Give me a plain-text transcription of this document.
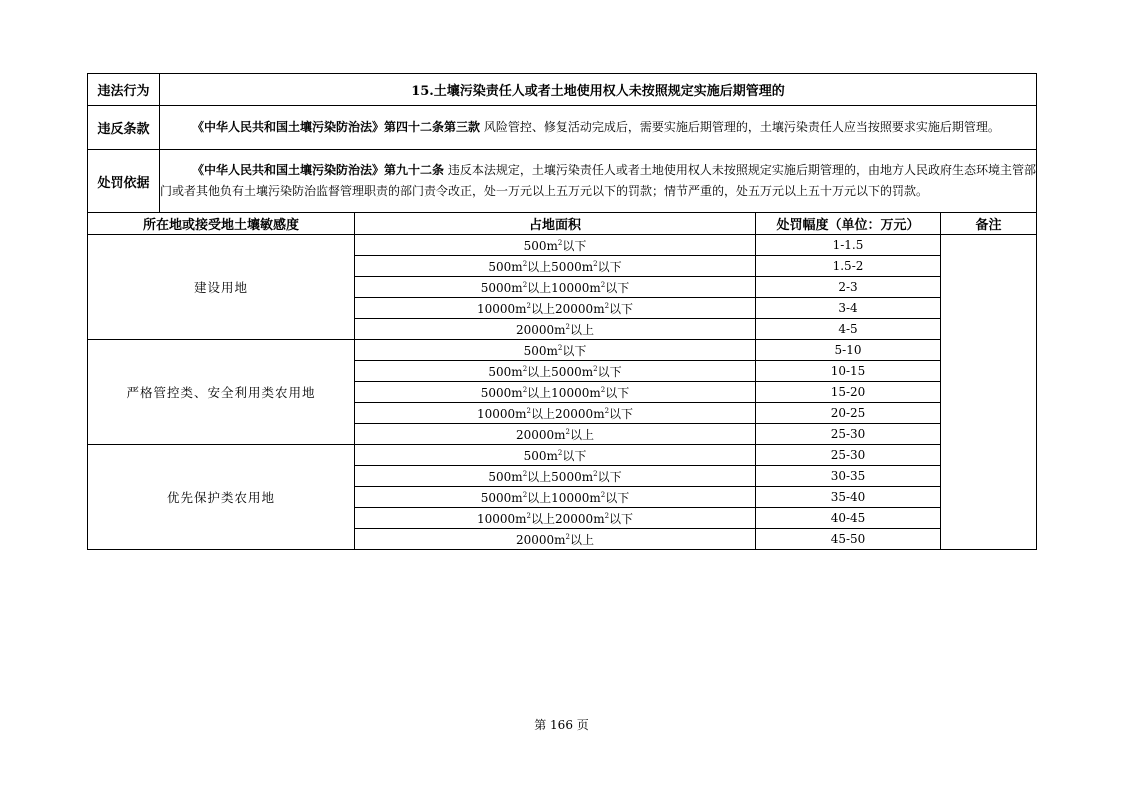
违法行为	15.土壤污染责任人或者土地使用权人未按照规定实施后期管理的			
违反条款	《中华人民共和国土壤污染防治法》第四十二条第三款 风险管控、修复活动完成后，需要实施后期管理的，土壤污染责任人应当按照要求实施后期管理。			
处罚依据	《中华人民共和国土壤污染防治法》第九十二条 违反本法规定，土壤污染责任人或者土地使用权人未按照规定实施后期管理的，由地方人民政府生态环境主管部门或者其他负有土壤污染防治监督管理职责的部门责令改正，处一万元以上五万元以下的罚款；情节严重的，处五万元以上五十万元以下的罚款。			
所在地或接受地土壤敏感度		占地面积	处罚幅度（单位：万元）	备注
建设用地		$500m^2$以下	1-1.5	
		$500m^2$以上$5000m^2$以下	1.5-2	
		$5000m^2$以上$10000m^2$以下	2-3	
		$10000m^2$以上$20000m^2$以下	3-4	
		$20000m^2$以上	4-5	
严格管控类、安全利用类农用地		$500m^2$以下	5-10	
		$500m^2$以上$5000m^2$以下	10-15	
		$5000m^2$以上$10000m^2$以下	15-20	
		$10000m^2$以上$20000m^2$以下	20-25	
		$20000m^2$以上	25-30	
优先保护类农用地		$500m^2$以下	25-30	
		$500m^2$以上$5000m^2$以下	30-35	
		$5000m^2$以上$10000m^2$以下	35-40	
		$10000m^2$以上$20000m^2$以下	40-45	
		$20000m^2$以上	45-50	
第 166 页
